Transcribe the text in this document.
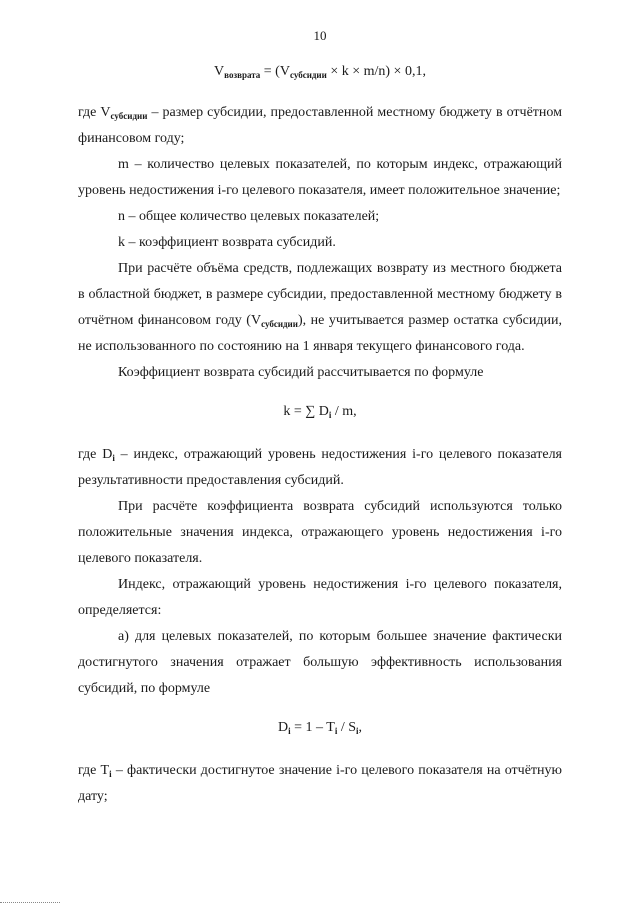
10
$V_{возврата} = (V_{субсидии} \times k \times m/n) \times 0,1$,

где $V_{субсидии}$ – размер субсидии, предоставленной местному бюджету в отчётном финансовом году;

m – количество целевых показателей, по которым индекс, отражающий уровень недостижения i-го целевого показателя, имеет положительное значение;

n – общее количество целевых показателей;

k – коэффициент возврата субсидий.

При расчёте объёма средств, подлежащих возврату из местного бюджета в областной бюджет, в размере субсидии, предоставленной местному бюджету в отчётном финансовом году $(V_{субсидии})$, не учитывается размер остатка субсидии, не использованного по состоянию на 1 января текущего финансового года.

Коэффициент возврата субсидий рассчитывается по формуле

k = ∑ $D_i$ / m,

где $D_i$ – индекс, отражающий уровень недостижения i-го целевого показателя результативности предоставления субсидий.

При расчёте коэффициента возврата субсидий используются только положительные значения индекса, отражающего уровень недостижения i-го целевого показателя.

Индекс, отражающий уровень недостижения i-го целевого показателя, определяется:

а) для целевых показателей, по которым большее значение фактически достигнутого значения отражает большую эффективность использования субсидий, по формуле

$D_i = 1 - T_i / S_i$,

где $T_i$ – фактически достигнутое значение i-го целевого показателя на отчётную дату;
